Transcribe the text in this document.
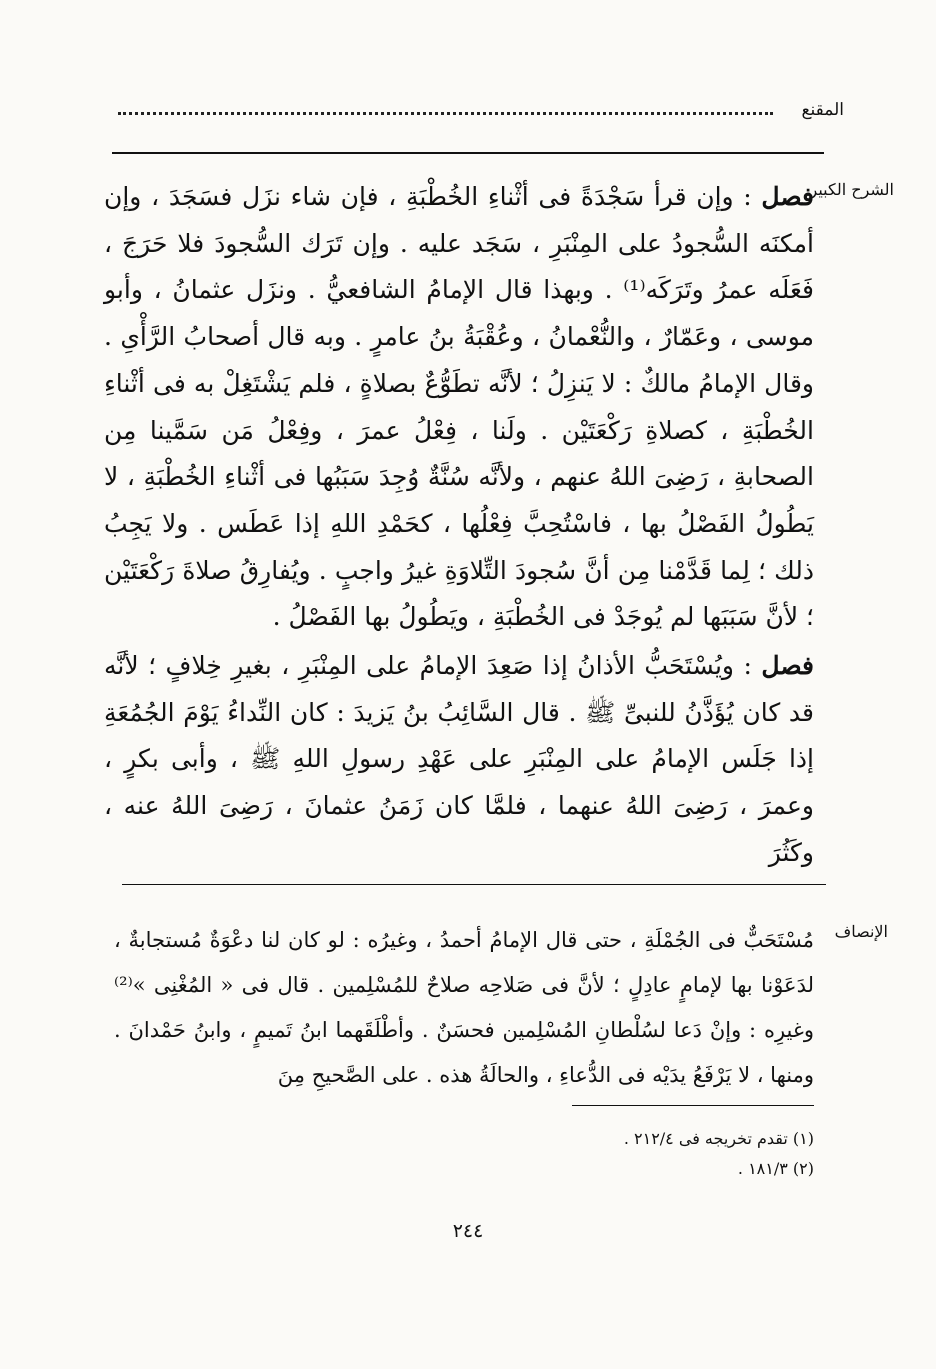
المقنع
الشرح الكبير

فصل : وإن قرأ سَجْدَةً فى أثْناءِ الخُطْبَةِ ، فإن شاء نزَل فسَجَدَ ، وإن أمكنَه السُّجودُ على المِنْبَرِ ، سَجَد عليه . وإن تَرَك السُّجودَ فلا حَرَجَ ، فَعَلَه عمرُ وتَرَكَه⁽¹⁾ . وبهذا قال الإمامُ الشافعيُّ . ونزَل عثمانُ ، وأبو موسى ، وعَمّارٌ ، والنُّعْمانُ ، وعُقْبَةُ بنُ عامرٍ . وبه قال أصحابُ الرَّأْىِ . وقال الإمامُ مالكٌ : لا يَنزِلُ ؛ لأنَّه تطَوُّعٌ بصلاةٍ ، فلم يَشْتَغِلْ به فى أثْناءِ الخُطْبَةِ ، كصلاةِ رَكْعَتَيْن . ولَنا ، فِعْلُ عمرَ ، وفِعْلُ مَن سَمَّينا مِن الصحابةِ ، رَضِىَ اللهُ عنهم ، ولأنَّه سُنَّةٌ وُجِدَ سَبَبُها فى أثْناءِ الخُطْبَةِ ، لا يَطُولُ الفَصْلُ بها ، فاسْتُحِبَّ فِعْلُها ، كحَمْدِ اللهِ إذا عَطَس . ولا يَجِبُ ذلك ؛ لِما قَدَّمْنا مِن أنَّ سُجودَ التِّلاوَةِ غيرُ واجبٍ . ويُفارِقُ صلاةَ رَكْعَتَيْن ؛ لأنَّ سَبَبَها لم يُوجَدْ فى الخُطْبَةِ ، ويَطُولُ بها الفَصْلُ .

فصل : ويُسْتَحَبُّ الأذانُ إذا صَعِدَ الإمامُ على المِنْبَرِ ، بغيرِ خِلافٍ ؛ لأنَّه قد كان يُؤَذَّنُ للنبىِّ ﷺ . قال السَّائِبُ بنُ يَزيدَ : كان النِّداءُ يَوْمَ الجُمُعَةِ إذا جَلَس الإمامُ على المِنْبَرِ على عَهْدِ رسولِ اللهِ ﷺ ، وأبى بكرٍ ، وعمرَ ، رَضِىَ اللهُ عنهما ، فلمَّا كان زَمَنُ عثمانَ ، رَضِىَ اللهُ عنه ، وكَثُرَ

الإنصاف

مُسْتَحَبٌّ فى الجُمْلَةِ ، حتى قال الإمامُ أحمدُ ، وغيرُه : لو كان لنا دعْوَةٌ مُستجابةٌ ، لدَعَوْنا بها لإمامٍ عادِلٍ ؛ لأنَّ فى صَلاحِه صلاحٌ للمُسْلِمين . قال فى « المُغْنِى »⁽²⁾ وغيرِه : وإنْ دَعا لسُلْطانِ المُسْلِمين فحسَنٌ . وأطْلَقَهما ابنُ تَميمٍ ، وابنُ حَمْدانَ . ومنها ، لا يَرْفَعُ يدَيْه فى الدُّعاءِ ، والحالَةُ هذه . على الصَّحيحِ مِنَ

(١) تقدم تخريجه فى ٢١٢/٤ .
(٢) ١٨١/٣ .
٢٤٤
